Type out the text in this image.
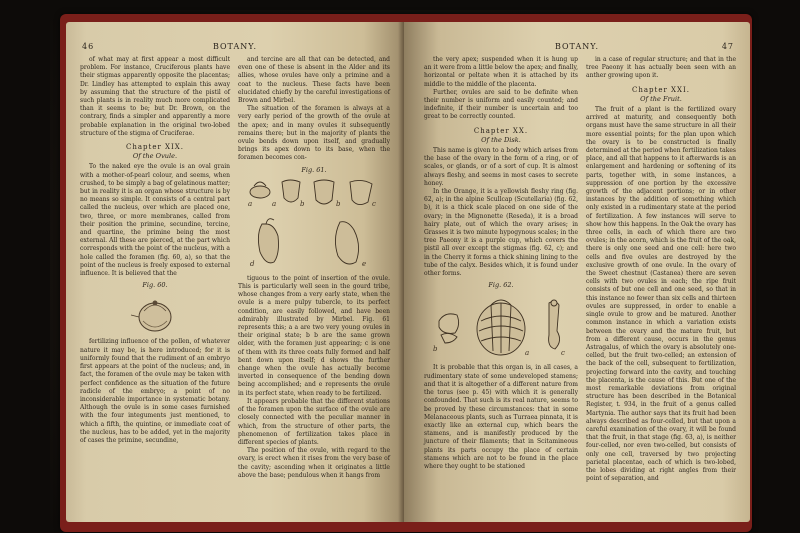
46	BOTANY.

of what may at first appear a most difficult problem. For instance, Cruciferous plants have their stigmas apparently opposite the placentas; Dr. Lindley has attempted to explain this away by assuming that the structure of the pistil of such plants is in reality much more complicated than it seems to be; but Dr. Brown, on the contrary, finds a simpler and apparently a more probable explanation in the original two-lobed structure of the stigma of Cruciferae.

Chapter XIX.
Of the Ovule.

To the naked eye the ovule is an oval grain with a mother-of-pearl colour, and seems, when crushed, to be simply a bag of gelatinous matter; but in reality it is an organ whose structure is by no means so simple. It consists of a central part called the nucleus, over which are placed one, two, three, or more membranes, called from their position the primine, secundine, tercine, and quartine, the primine being the most external. All these are pierced, at the part which corresponds with the point of the nucleus, with a hole called the foramen (fig. 60, a), so that the point of the nucleus is freely exposed to external influence. It is believed that the

Fig. 60.

fertilizing influence of the pollen, of whatever nature it may be, is here introduced; for it is uniformly found that the rudiment of an embryo first appears at the point of the nucleus; and, in fact, the foramen of the ovule may be taken with perfect confidence as the situation of the future radicle of the embryo; a point of no inconsiderable importance in systematic botany. Although the ovule is in some cases furnished with the four integuments just mentioned, to which a fifth, the quintine, or immediate coat of the nucleus, has to be added, yet in the majority of cases the primine, secundine,

and tercine are all that can be detected, and even one of these is absent in the Alder and its allies, whose ovules have only a primine and a coat to the nucleus. These facts have been elucidated chiefly by the careful investigations of Brown and Mirbel.

The situation of the foramen is always at a very early period of the growth of the ovule at the apex; and in many ovules it subsequently remains there; but in the majority of plants the ovule bends down upon itself, and gradually brings its apex down to its base, when the foramen becomes con-

Fig. 61.
a	a	b	b	c
d	e

tiguous to the point of insertion of the ovule. This is particularly well seen in the gourd tribe, whose changes from a very early state, when the ovule is a mere pulpy tubercle, to its perfect condition, are easily followed, and have been admirably illustrated by Mirbel. Fig. 61 represents this; a a are two very young ovules in their original state; b b are the same grown older, with the foramen just appearing; c is one of them with its three coats fully formed and half bent down upon itself; d shows the further change when the ovule has actually become inverted in consequence of the bending down being accomplished; and e represents the ovule in its perfect state, when ready to be fertilized.

It appears probable that the different stations of the foramen upon the surface of the ovule are closely connected with the peculiar manner in which, from the structure of other parts, the phenomenon of fertilization takes place in different species of plants.

The position of the ovule, with regard to the ovary, is erect when it rises from the very base of the cavity; ascending when it originates a little above the base; pendulous when it hangs from

BOTANY.	47

the very apex; suspended when it is hung up an it were from a little below the apex; and finally, horizontal or peltate when it is attached by its middle to the middle of the placenta.

Further, ovules are said to be definite when their number is uniform and easily counted; and indefinite, if their number is uncertain and too great to be correctly counted.

Chapter XX.
Of the Disk.

This name is given to a body which arises from the base of the ovary in the form of a ring, or of scales, or glands, or of a sort of cup. It is almost always fleshy, and seems in most cases to secrete honey.

In the Orange, it is a yellowish fleshy ring (fig. 62, a); in the alpine Scullcap (Scutellaria) (fig. 62, b), it is a thick scale placed on one side of the ovary; in the Mignonette (Reseda), it is a broad hairy plate, out of which the ovary arises; in Grasses it is two minute hypogynous scales; in the tree Paeony it is a purple cup, which covers the pistil all over except the stigmas (fig. 62, c); and in the Cherry it forms a thick shining lining to the tube of the calyx. Besides which, it is found under other forms.

Fig. 62.
b	a	c

It is probable that this organ is, in all cases, a rudimentary state of some undeveloped stamens; and that it is altogether of a different nature from the torus (see p. 45) with which it is generally confounded. That such is its real nature, seems to be proved by these circumstances: that in some Melanaceous plants, such as Turraea pinnata, it is exactly like an external cup, which bears the stamens, and is manifestly produced by the juncture of their filaments; that in Scitamineous plants its parts occupy the place of certain stamens which are not to be found in the place where they ought to be stationed

in a case of regular structure; and that in the tree Paeony it has actually been seen with an anther growing upon it.

Chapter XXI.
Of the Fruit.

The fruit of a plant is the fertilized ovary arrived at maturity, and consequently both organs must have the same structure in all their more essential points; for the plan upon which the ovary is to be constructed is finally determined at the period when fertilization takes place, and all that happens to it afterwards is an enlargement and hardening or softening of its parts, together with, in some instances, a suppression of one portion by the excessive growth of the adjacent portions; or in other instances by the addition of something which only existed in a rudimentary state at the period of fertilization. A few instances will serve to show how this happens. In the Oak the ovary has three cells, in each of which there are two ovules; in the acorn, which is the fruit of the oak, there is only one seed and one cell: here two cells and five ovules are destroyed by the exclusive growth of one ovule. In the ovary of the Sweet chestnut (Castanea) there are seven cells with two ovules in each; the ripe fruit consists of but one cell and one seed, so that in this instance no fewer than six cells and thirteen ovules are suppressed, in order to enable a single ovule to grow and be matured. Another common instance in which a variation exists between the ovary and the mature fruit, but from a different cause, occurs in the genus Astragalus, of which the ovary is absolutely one-celled, but the fruit two-celled; an extension of the back of the cell, subsequent to fertilization, projecting forward into the cavity, and touching the placenta, is the cause of this. But one of the most remarkable deviations from original structure has been described in the Botanical Register, t. 934, in the fruit of a genus called Martynia. The author says that its fruit had been always described as four-celled, but that upon a careful examination of the ovary, it will be found that the fruit, in that stage (fig. 63, a), is neither four-celled, nor even two-celled, but consists of only one cell, traversed by two projecting parietal placentae, each of which is two-lobed, the lobes dividing at right angles from their point of separation, and
